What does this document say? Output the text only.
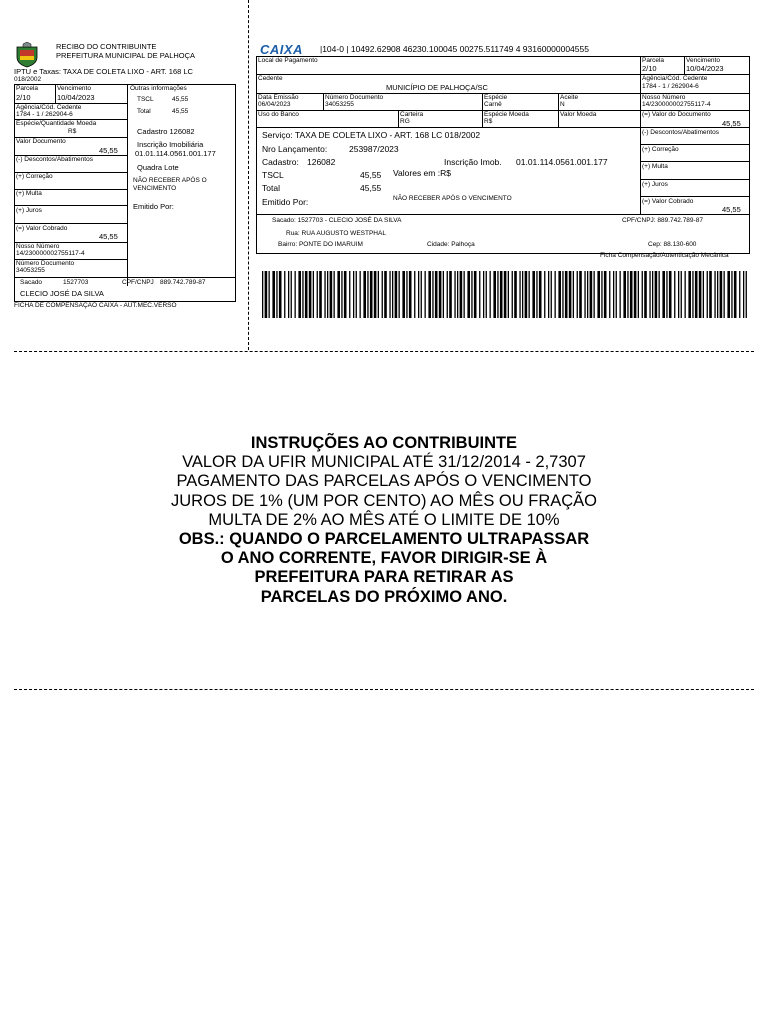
RECIBO DO CONTRIBUINTE
PREFEITURA MUNICIPAL DE PALHOÇA
IPTU e Taxas: TAXA DE COLETA LIXO - ART. 168 LC
018/2002
Parcela
2/10
Vencimento
10/04/2023
Agência/Cód. Cedente
1784 - 1 / 262904-6
Espécie/Quantidade Moeda
R$
Valor Documento
45,55
(-) Descontos/Abatimentos
(+) Correção
(+) Multa
(+) Juros
(=) Valor Cobrado
45,55
Nosso Número
14/230000002755117-4
Número Documento
34053255
Outras informações
TSCL	45,55
Total	45,55
Cadastro 126082
Inscrição Imobiliária
01.01.114.0561.001.177
Quadra Lote
NÃO RECEBER APÓS O
VENCIMENTO
Emitido Por:
Sacado	1527703	CPF/CNPJ 889.742.789-87
CLECIO JOSÉ DA SILVA
FICHA DE COMPENSAÇÃO CAIXA - AUT.MEC.VERSO
CAIXA |104-0 | 10492.62908 46230.100045 00275.511749 4 93160000004555
Local de Pagamento	Parcela
2/10
Vencimento
10/04/2023
Cedente
MUNICÍPIO DE PALHOÇA/SC
Agência/Cód. Cedente
1784 - 1 / 262904-6
Data Emissão
06/04/2023
Número Documento
34053255
Espécie
Carnê
Aceite
N
Nosso Número
14/230000002755117-4
Uso do Banco	Carteira
RG
Espécie Moeda
R$
Valor Moeda	(=) Valor do Documento
45,55
(-) Descontos/Abatimentos
(+) Correção
(+) Multa
(+) Juros
(=) Valor Cobrado
45,55
Serviço: TAXA DE COLETA LIXO - ART. 168 LC 018/2002
Nro Lançamento:	253987/2023
Cadastro: 126082	Inscrição Imob. 01.01.114.0561.001.177
TSCL	45,55 Valores em :R$
Total	45,55
Emitido Por:	NÃO RECEBER APÓS O VENCIMENTO
Sacado: 1527703 - CLECIO JOSÉ DA SILVA	CPF/CNPJ: 889.742.789-87
Rua: RUA AUGUSTO WESTPHAL
Bairro: PONTE DO IMARUIM	Cidade: Palhoça	Cep: 88.130-600
Ficha Compensação/Autenticação Mecânica
INSTRUÇÕES AO CONTRIBUINTE
VALOR DA UFIR MUNICIPAL ATÉ 31/12/2014 - 2,7307
PAGAMENTO DAS PARCELAS APÓS O VENCIMENTO
JUROS DE 1% (UM POR CENTO) AO MÊS OU FRAÇÃO
MULTA DE 2% AO MÊS ATÉ O LIMITE DE 10%
OBS.: QUANDO O PARCELAMENTO ULTRAPASSAR
O ANO CORRENTE, FAVOR DIRIGIR-SE À
PREFEITURA PARA RETIRAR AS
PARCELAS DO PRÓXIMO ANO.
